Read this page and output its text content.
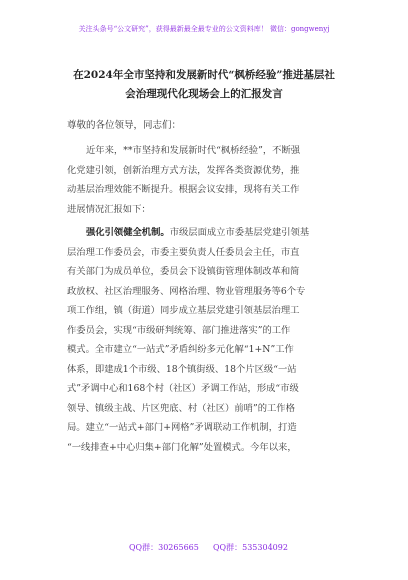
关注头条号“公文研究”，获得最新最全最专业的公文资料库！ 微信：gongwenyj
在2024年全市坚持和发展新时代“枫桥经验”推进基层社
会治理现代化现场会上的汇报发言
尊敬的各位领导，同志们：
近年来，**市坚持和发展新时代“枫桥经验”，不断强
化党建引领，创新治理方式方法，发挥各类资源优势，推
动基层治理效能不断提升。根据会议安排，现将有关工作
进展情况汇报如下：
强化引领健全机制。市级层面成立市委基层党建引领基
层治理工作委员会，市委主要负责人任委员会主任，市直
有关部门为成员单位，委员会下设镇街管理体制改革和简
政放权、社区治理服务、网格治理、物业管理服务等6个专
项工作组，镇（街道）同步成立基层党建引领基层治理工
作委员会，实现“市级研判统筹、部门推进落实”的工作
模式。全市建立“一站式”矛盾纠纷多元化解“1+N”工作
体系，即建成1个市级、18个镇街级、18个片区级“一站
式”矛调中心和168个村（社区）矛调工作站，形成“市级
领导、镇级主战、片区兜底、村（社区）前哨”的工作格
局。建立“一站式+部门+网格”矛调联动工作机制，打造
“一线排查+中心归集+部门化解”处置模式。今年以来，
QQ群：30265665 QQ群：535304092
